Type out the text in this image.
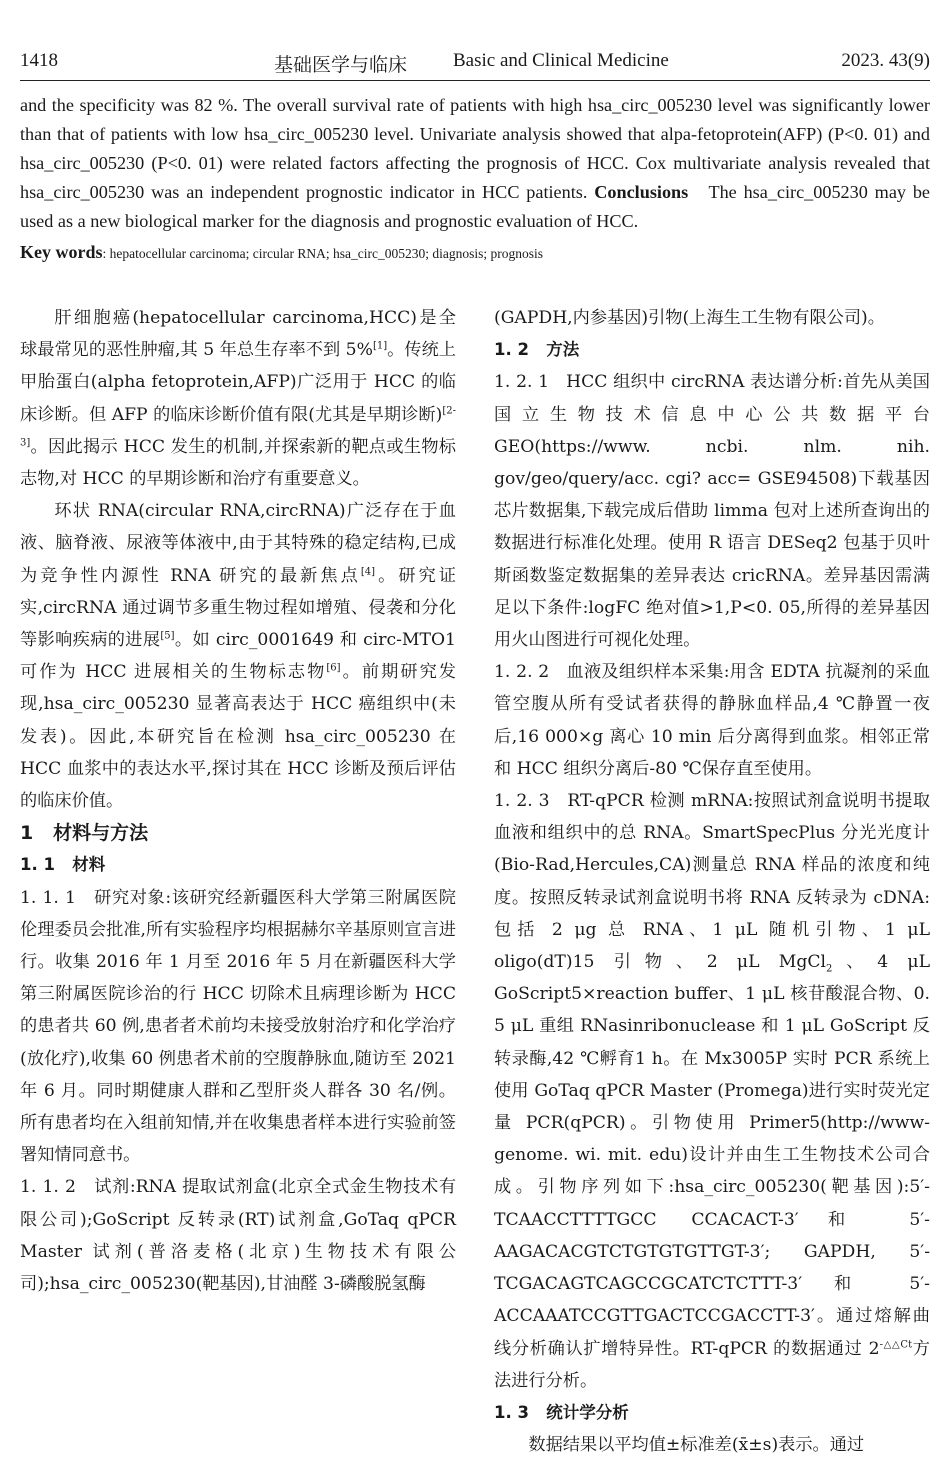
1418	基础医学与临床 Basic and Clinical Medicine	2023. 43(9)

and the specificity was 82 %. The overall survival rate of patients with high hsa_circ_005230 level was significantly lower than that of patients with low hsa_circ_005230 level. Univariate analysis showed that alpa-fetoprotein(AFP) (P<0. 01) and hsa_circ_005230 (P<0. 01) were related factors affecting the prognosis of HCC. Cox multivariate analysis revealed that hsa_circ_005230 was an independent prognostic indicator in HCC patients. Conclusions The hsa_circ_005230 may be used as a new biological marker for the diagnosis and prognostic evaluation of HCC.

Key words: hepatocellular carcinoma; circular RNA; hsa_circ_005230; diagnosis; prognosis

肝细胞癌(hepatocellular carcinoma,HCC)是全球最常见的恶性肿瘤,其 5 年总生存率不到 5%[1]。传统上甲胎蛋白(alpha fetoprotein,AFP)广泛用于 HCC 的临床诊断。但 AFP 的临床诊断价值有限(尤其是早期诊断)[2-3]。因此揭示 HCC 发生的机制,并探索新的靶点或生物标志物,对 HCC 的早期诊断和治疗有重要意义。

环状 RNA(circular RNA,circRNA)广泛存在于血液、脑脊液、尿液等体液中,由于其特殊的稳定结构,已成为竞争性内源性 RNA 研究的最新焦点[4]。研究证实,circRNA 通过调节多重生物过程如增殖、侵袭和分化等影响疾病的进展[5]。如 circ_0001649 和 circ-MTO1 可作为 HCC 进展相关的生物标志物[6]。前期研究发现,hsa_circ_005230 显著高表达于 HCC 癌组织中(未发表)。因此,本研究旨在检测 hsa_circ_005230 在 HCC 血浆中的表达水平,探讨其在 HCC 诊断及预后评估的临床价值。

1 材料与方法

1. 1 材料

1. 1. 1 研究对象:该研究经新疆医科大学第三附属医院伦理委员会批准,所有实验程序均根据赫尔辛基原则宣言进行。收集 2016 年 1 月至 2016 年 5 月在新疆医科大学第三附属医院诊治的行 HCC 切除术且病理诊断为 HCC 的患者共 60 例,患者者术前均未接受放射治疗和化学治疗(放化疗),收集 60 例患者术前的空腹静脉血,随访至 2021 年 6 月。同时期健康人群和乙型肝炎人群各 30 名/例。所有患者均在入组前知情,并在收集患者样本进行实验前签署知情同意书。

1. 1. 2 试剂:RNA 提取试剂盒(北京全式金生物技术有限公司);GoScript 反转录(RT)试剂盒,GoTaq qPCR Master 试剂(普洛麦格(北京)生物技术有限公司);hsa_circ_005230(靶基因),甘油醛 3-磷酸脱氢酶

(GAPDH,内参基因)引物(上海生工生物有限公司)。

1. 2 方法

1. 2. 1 HCC 组织中 circRNA 表达谱分析:首先从美国国立生物技术信息中心公共数据平台 GEO(https://www. ncbi. nlm. nih. gov/geo/query/acc. cgi? acc= GSE94508)下载基因芯片数据集,下载完成后借助 limma 包对上述所查询出的数据进行标准化处理。使用 R 语言 DESeq2 包基于贝叶斯函数鉴定数据集的差异表达 cricRNA。差异基因需满足以下条件:logFC 绝对值>1,P<0. 05,所得的差异基因用火山图进行可视化处理。

1. 2. 2 血液及组织样本采集:用含 EDTA 抗凝剂的采血管空腹从所有受试者获得的静脉血样品,4 ℃静置一夜后,16 000×g 离心 10 min 后分离得到血浆。相邻正常和 HCC 组织分离后-80 ℃保存直至使用。

1. 2. 3 RT-qPCR 检测 mRNA:按照试剂盒说明书提取血液和组织中的总 RNA。SmartSpecPlus 分光光度计(Bio-Rad,Hercules,CA)测量总 RNA 样品的浓度和纯度。按照反转录试剂盒说明书将 RNA 反转录为 cDNA:包括 2 μg 总 RNA、1 μL 随机引物、1 μL oligo(dT)15 引物、2 μL MgCl$_2$、4 μL GoScript5×reaction buffer、1 μL 核苷酸混合物、0. 5 μL 重组 RNasinribonuclease 和 1 μL GoScript 反转录酶,42 ℃孵育1 h。在 Mx3005P 实时 PCR 系统上使用 GoTaq qPCR Master (Promega)进行实时荧光定量 PCR(qPCR)。引物使用 Primer5(http://www-genome. wi. mit. edu)设计并由生工生物技术公司合成。引物序列如下:hsa_circ_005230(靶基因):5′-TCAACCTTTTGCC CCACACT-3′和 5′-AAGACACGTCTGTGTGTTGT-3′; GAPDH, 5′-TCGACAGTCAGCCGCATCTCTTT-3′ 和 5′-ACCAAATCCGTTGACTCCGACCTT-3′。通过熔解曲线分析确认扩增特异性。RT-qPCR 的数据通过 $2^{-\triangle\triangle Ct}$方法进行分析。

1. 3 统计学分析

数据结果以平均值±标准差(x̄±s)表示。通过
